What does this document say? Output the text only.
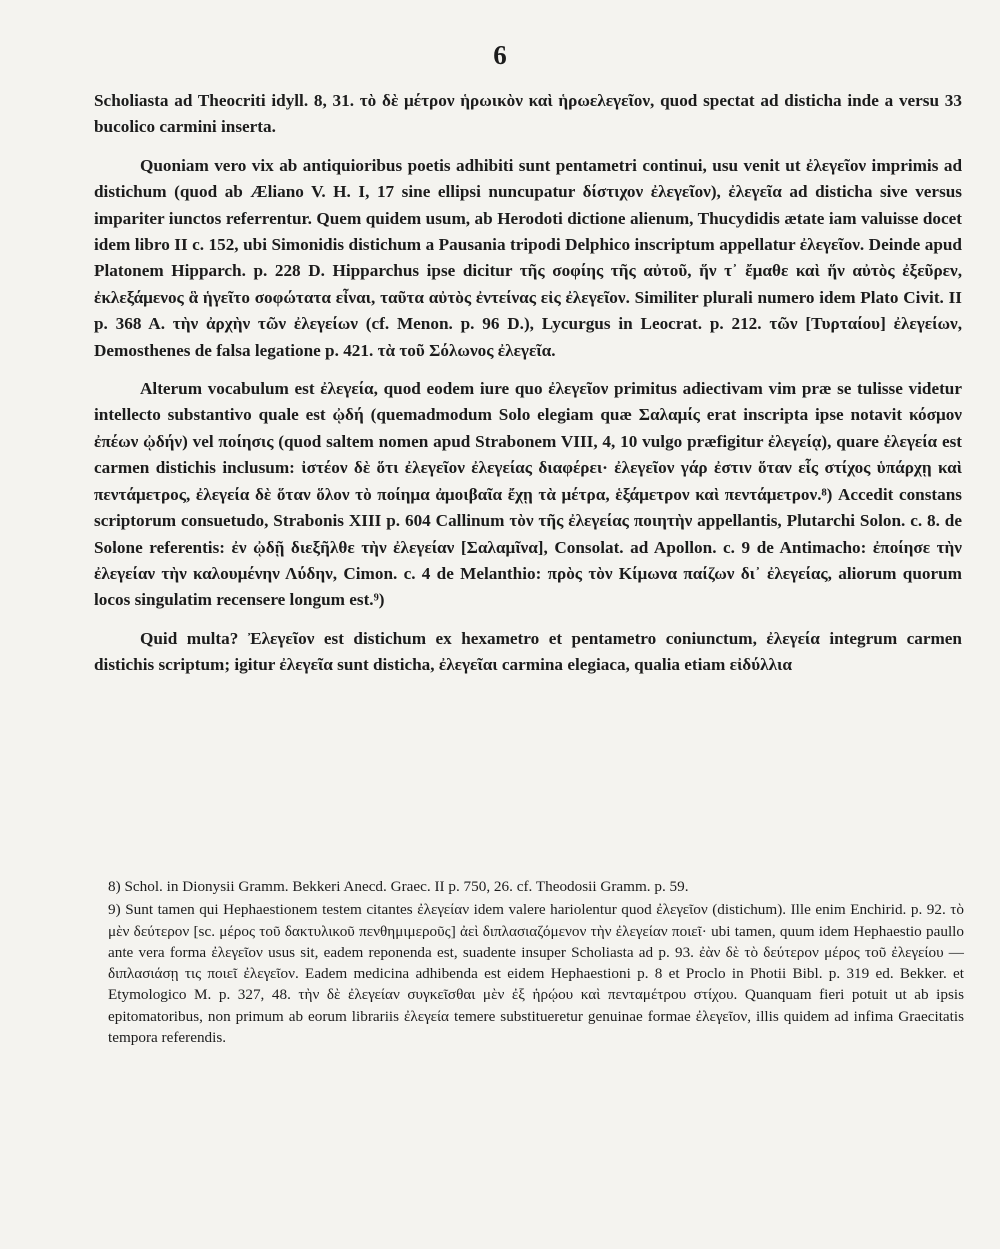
6

Scholiasta ad Theocriti idyll. 8, 31. τὸ δὲ μέτρον ἡρωικὸν καὶ ἡρωελεγεῖον, quod spectat ad disticha inde a versu 33 bucolico carmini inserta.

Quoniam vero vix ab antiquioribus poetis adhibiti sunt pentametri continui, usu venit ut ἐλεγεῖον imprimis ad distichum (quod ab Æliano V. H. I, 17 sine ellipsi nuncupatur δίστιχον ἐλεγεῖον), ἐλεγεῖα ad disticha sive versus impariter iunctos referrentur. Quem quidem usum, ab Herodoti dictione alienum, Thucydidis ætate iam valuisse docet idem libro II c. 152, ubi Simonidis distichum a Pausania tripodi Delphico inscriptum appellatur ἐλεγεῖον. Deinde apud Platonem Hipparch. p. 228 D. Hipparchus ipse dicitur τῆς σοφίης τῆς αὐτοῦ, ἥν τ᾽ ἔμαθε καὶ ἥν αὐτὸς ἐξεῦρεν, ἐκλεξάμενος ἃ ἡγεῖτο σοφώτατα εἶναι, ταῦτα αὐτὸς ἐντείνας εἰς ἐλεγεῖον. Similiter plurali numero idem Plato Civit. II p. 368 A. τὴν ἀρχὴν τῶν ἐλεγείων (cf. Menon. p. 96 D.), Lycurgus in Leocrat. p. 212. τῶν [Τυρταίου] ἐλεγείων, Demosthenes de falsa legatione p. 421. τὰ τοῦ Σόλωνος ἐλεγεῖα.

Alterum vocabulum est ἐλεγεία, quod eodem iure quo ἐλεγεῖον primitus adiectivam vim præ se tulisse videtur intellecto substantivo quale est ᾠδή (quemadmodum Solo elegiam quæ Σαλαμίς erat inscripta ipse notavit κόσμον ἐπέων ᾠδήν) vel ποίησις (quod saltem nomen apud Strabonem VIII, 4, 10 vulgo præfigitur ἐλεγείᾳ), quare ἐλεγεία est carmen distichis inclusum: ἰστέον δὲ ὅτι ἐλεγεῖον ἐλεγείας διαφέρει· ἐλεγεῖον γάρ ἐστιν ὅταν εἷς στίχος ὑπάρχῃ καὶ πεντάμετρος, ἐλεγεία δὲ ὅταν ὅλον τὸ ποίημα ἀμοιβαῖα ἔχῃ τὰ μέτρα, ἑξάμετρον καὶ πεντάμετρον.⁸) Accedit constans scriptorum consuetudo, Strabonis XIII p. 604 Callinum τὸν τῆς ἐλεγείας ποιητὴν appellantis, Plutarchi Solon. c. 8. de Solone referentis: ἐν ᾠδῇ διεξῆλθε τὴν ἐλεγείαν [Σαλαμῖνα], Consolat. ad Apollon. c. 9 de Antimacho: ἐποίησε τὴν ἐλεγείαν τὴν καλουμένην Λύδην, Cimon. c. 4 de Melanthio: πρὸς τὸν Κίμωνα παίζων δι᾽ ἐλεγείας, aliorum quorum locos singulatim recensere longum est.⁹)

Quid multa? Ἐλεγεῖον est distichum ex hexametro et pentametro coniunctum, ἐλεγεία integrum carmen distichis scriptum; igitur ἐλεγεῖα sunt disticha, ἐλεγεῖαι carmina elegiaca, qualia etiam εἰδύλλια

8) Schol. in Dionysii Gramm. Bekkeri Anecd. Graec. II p. 750, 26. cf. Theodosii Gramm. p. 59.

9) Sunt tamen qui Hephaestionem testem citantes ἐλεγείαν idem valere hariolentur quod ἐλεγεῖον (distichum). Ille enim Enchirid. p. 92. τὸ μὲν δεύτερον [sc. μέρος τοῦ δακτυλικοῦ πενθημιμεροῦς] ἀεὶ διπλασιαζόμενον τὴν ἐλεγείαν ποιεῖ· ubi tamen, quum idem Hephaestio paullo ante vera forma ἐλεγεῖον usus sit, eadem reponenda est, suadente insuper Scholiasta ad p. 93. ἐὰν δὲ τὸ δεύτερον μέρος τοῦ ἐλεγείου — διπλασιάσῃ τις ποιεῖ ἐλεγεῖον. Eadem medicina adhibenda est eidem Hephaestioni p. 8 et Proclo in Photii Bibl. p. 319 ed. Bekker. et Etymologico M. p. 327, 48. τὴν δὲ ἐλεγείαν συγκεῖσθαι μὲν ἐξ ἡρῴου καὶ πενταμέτρου στίχου. Quanquam fieri potuit ut ab ipsis epitomatoribus, non primum ab eorum librariis ἐλεγεία temere substitueretur genuinae formae ἐλεγεῖον, illis quidem ad infima Graecitatis tempora referendis.
